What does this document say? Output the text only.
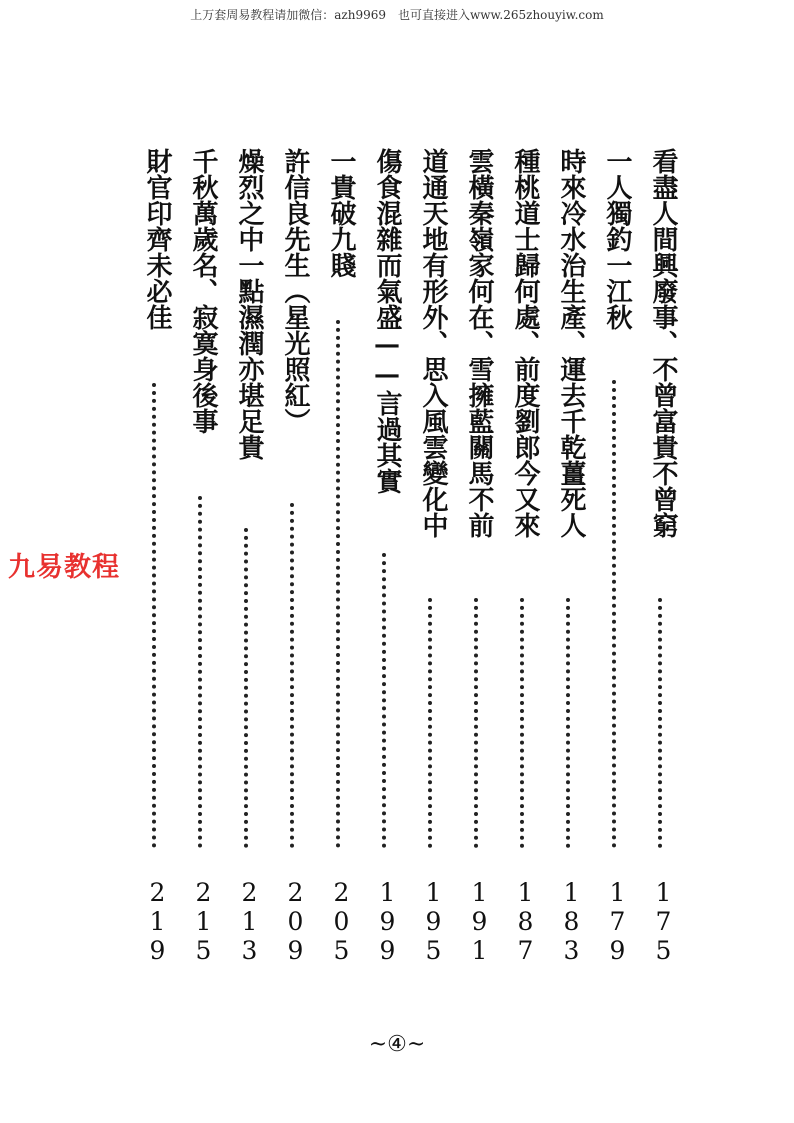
上万套周易教程请加微信：azh9969　也可直接进入www.265zhouyiw.com
看盡人間興廢事、不曾富貴不曾窮
175
一人獨釣一江秋
179
時來冷水治生產、運去千乾薑死人
183
種桃道士歸何處、前度劉郎今又來
187
雲橫秦嶺家何在、雪擁藍關馬不前
191
道通天地有形外、思入風雲變化中
195
傷食混雜而氣盛——言過其實
199
一貴破九賤
205
許信良先生（星光照紅）
209
燥烈之中一點濕潤亦堪足貴
213
千秋萬歲名、寂寞身後事
215
財官印齊未必佳
219
九易教程
~④~
